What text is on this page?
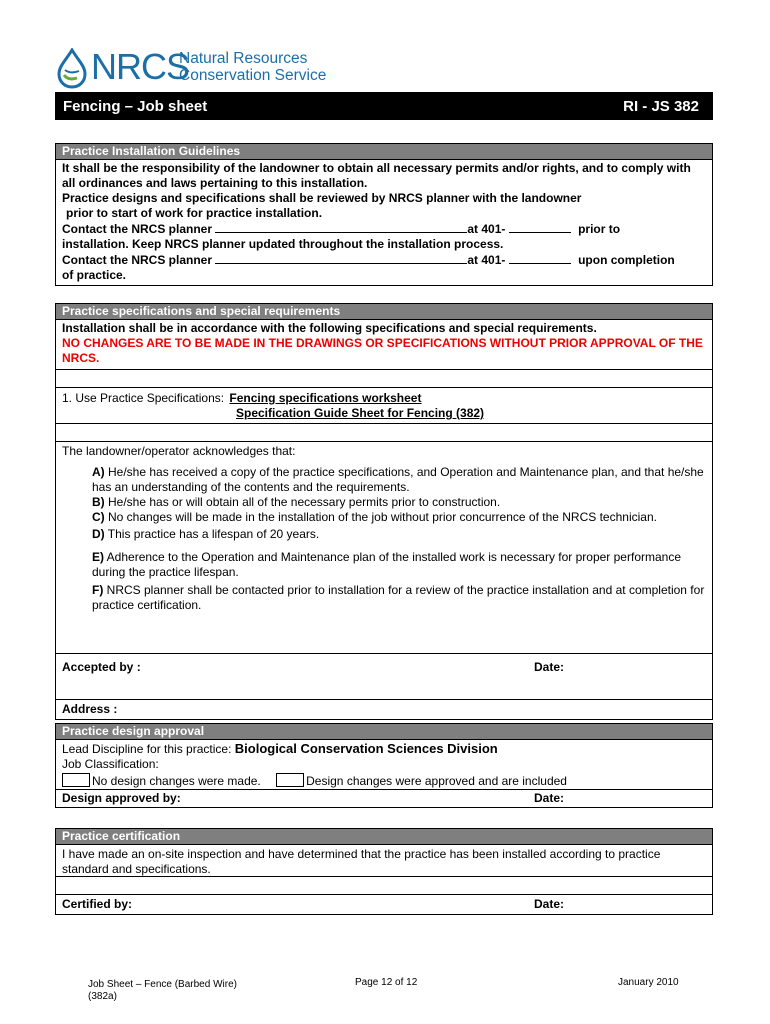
NRCS
Natural Resources
Conservation Service
Fencing – Job sheet	RI - JS 382
Practice Installation Guidelines
It shall be the responsibility of the landowner to obtain all necessary permits and/or rights, and to comply with all ordinances and laws pertaining to this installation.
Practice designs and specifications shall be reviewed by NRCS planner with the landowner
prior to start of work for practice installation.
Contact the NRCS planner	at 401-	prior to
installation. Keep NRCS planner updated throughout the installation process.
Contact the NRCS planner	at 401-	upon completion
of practice.
Practice specifications and special requirements
Installation shall be in accordance with the following specifications and special requirements.
NO CHANGES ARE TO BE MADE IN THE DRAWINGS OR SPECIFICATIONS WITHOUT PRIOR APPROVAL OF THE NRCS.
1. Use Practice Specifications: Fencing specifications worksheet
Specification Guide Sheet for Fencing (382)
The landowner/operator acknowledges that:
A) He/she has received a copy of the practice specifications, and Operation and Maintenance plan, and that he/she has an understanding of the contents and the requirements.
B) He/she has or will obtain all of the necessary permits prior to construction.
C) No changes will be made in the installation of the job without prior concurrence of the NRCS technician.
D) This practice has a lifespan of 20 years.
E) Adherence to the Operation and Maintenance plan of the installed work is necessary for proper performance during the practice lifespan.
F) NRCS planner shall be contacted prior to installation for a review of the practice installation and at completion for practice certification.
Accepted by :	Date:
Address :
Practice design approval
Lead Discipline for this practice: Biological Conservation Sciences Division
Job Classification:
No design changes were made.	Design changes were approved and are included
Design approved by:	Date:
Practice certification
I have made an on-site inspection and have determined that the practice has been installed according to practice standard and specifications.
Certified by:	Date:
Job Sheet – Fence (Barbed Wire)
(382a)
Page 12 of 12	January 2010
